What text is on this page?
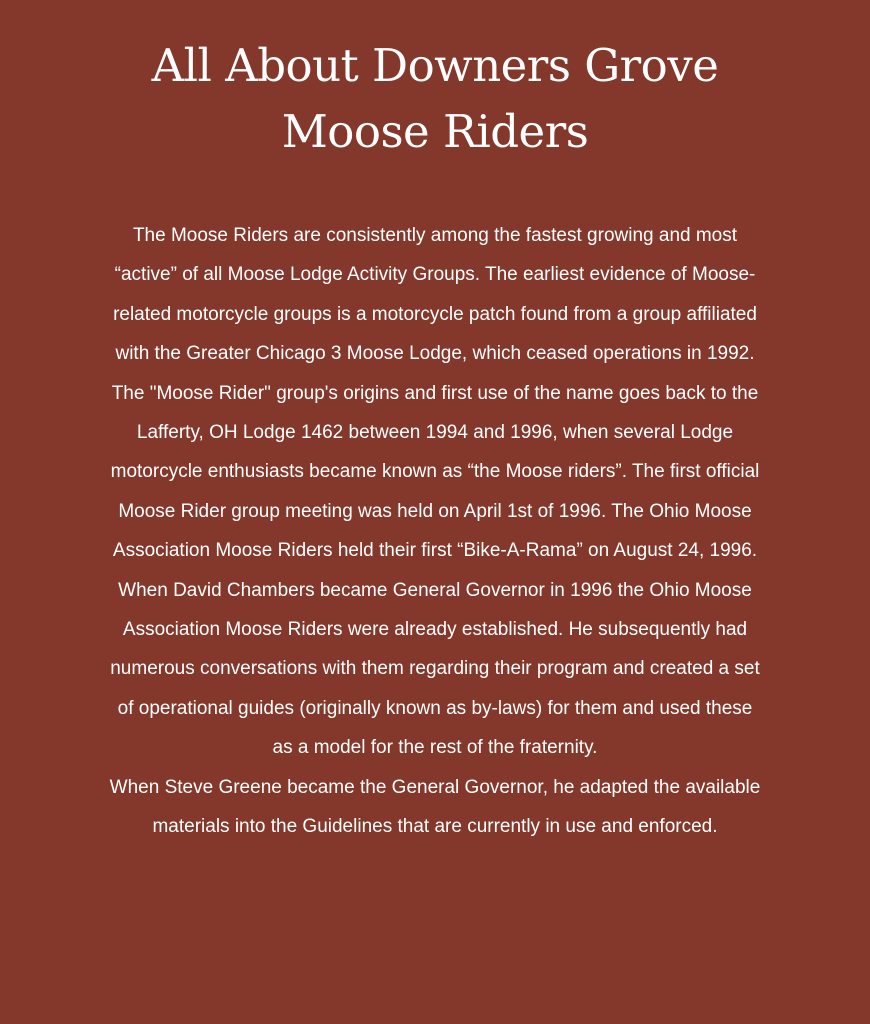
All About Downers Grove
Moose Riders

The Moose Riders are consistently among the fastest growing and most “active” of all Moose Lodge Activity Groups. The earliest evidence of Moose-related motorcycle groups is a motorcycle patch found from a group affiliated with the Greater Chicago 3 Moose Lodge, which ceased operations in 1992.

The "Moose Rider" group's origins and first use of the name goes back to the Lafferty, OH Lodge 1462 between 1994 and 1996, when several Lodge motorcycle enthusiasts became known as “the Moose riders”. The first official Moose Rider group meeting was held on April 1st of 1996. The Ohio Moose Association Moose Riders held their first “Bike-A-Rama” on August 24, 1996.

When David Chambers became General Governor in 1996 the Ohio Moose Association Moose Riders were already established. He subsequently had numerous conversations with them regarding their program and created a set of operational guides (originally known as by-laws) for them and used these as a model for the rest of the fraternity.

When Steve Greene became the General Governor, he adapted the available materials into the Guidelines that are currently in use and enforced.
